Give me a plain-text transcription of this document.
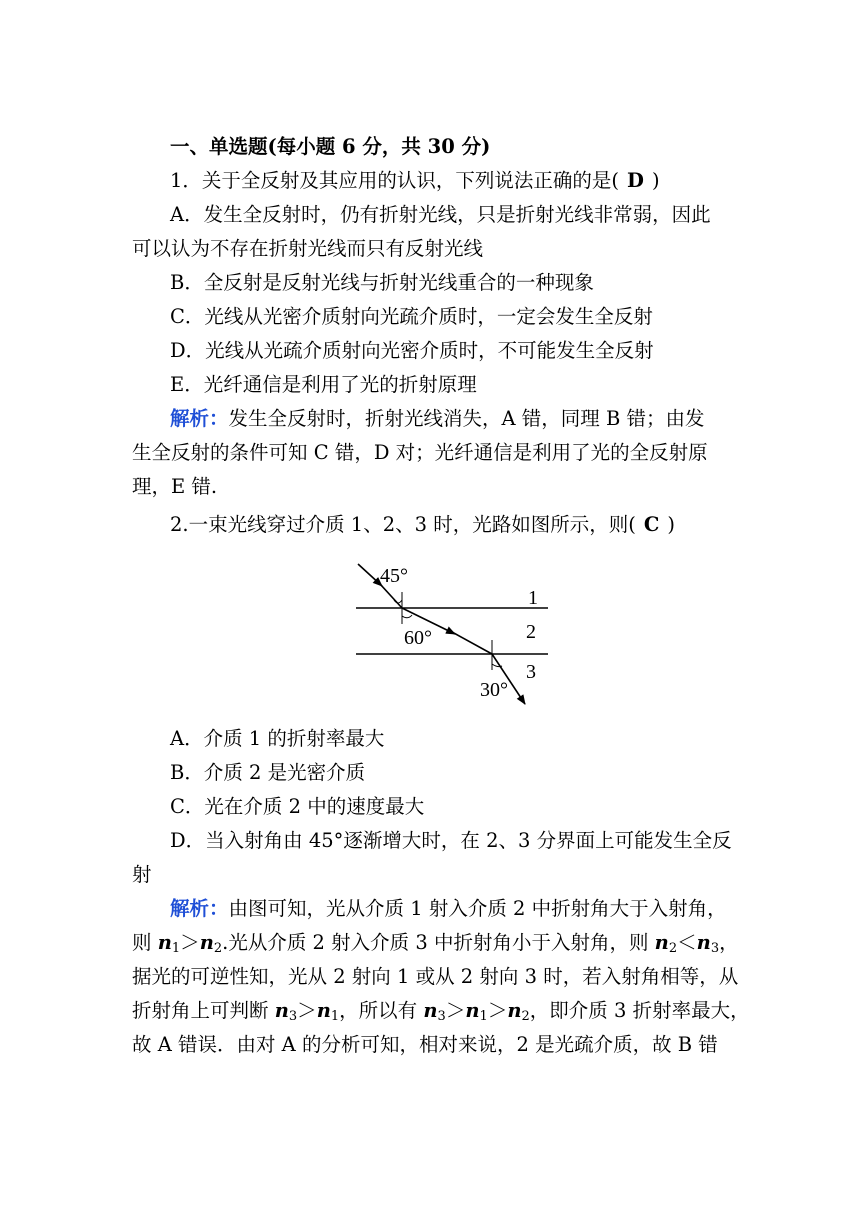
一、单选题(每小题 6 分，共 30 分)
1．关于全反射及其应用的认识，下列说法正确的是( D )
A．发生全反射时，仍有折射光线，只是折射光线非常弱，因此
可以认为不存在折射光线而只有反射光线
B．全反射是反射光线与折射光线重合的一种现象
C．光线从光密介质射向光疏介质时，一定会发生全反射
D．光线从光疏介质射向光密介质时，不可能发生全反射
E．光纤通信是利用了光的折射原理
解析：发生全反射时，折射光线消失，A 错，同理 B 错；由发
生全反射的条件可知 C 错，D 对；光纤通信是利用了光的全反射原
理，E 错.
2.一束光线穿过介质 1、2、3 时，光路如图所示，则( C )
A．介质 1 的折射率最大
B．介质 2 是光密介质
C．光在介质 2 中的速度最大
D．当入射角由 45°逐渐增大时，在 2、3 分界面上可能发生全反
射
解析：由图可知，光从介质 1 射入介质 2 中折射角大于入射角，
则 $n_1>n_2$.光从介质 2 射入介质 3 中折射角小于入射角，则 $n_2<n_3$，
据光的可逆性知，光从 2 射向 1 或从 2 射向 3 时，若入射角相等，从
折射角上可判断 $n_3>n_1$，所以有 $n_3>n_1>n_2$，即介质 3 折射率最大，
故 A 错误．由对 A 的分析可知，相对来说，2 是光疏介质，故 B 错
45°
60°
30°
1
2
3
